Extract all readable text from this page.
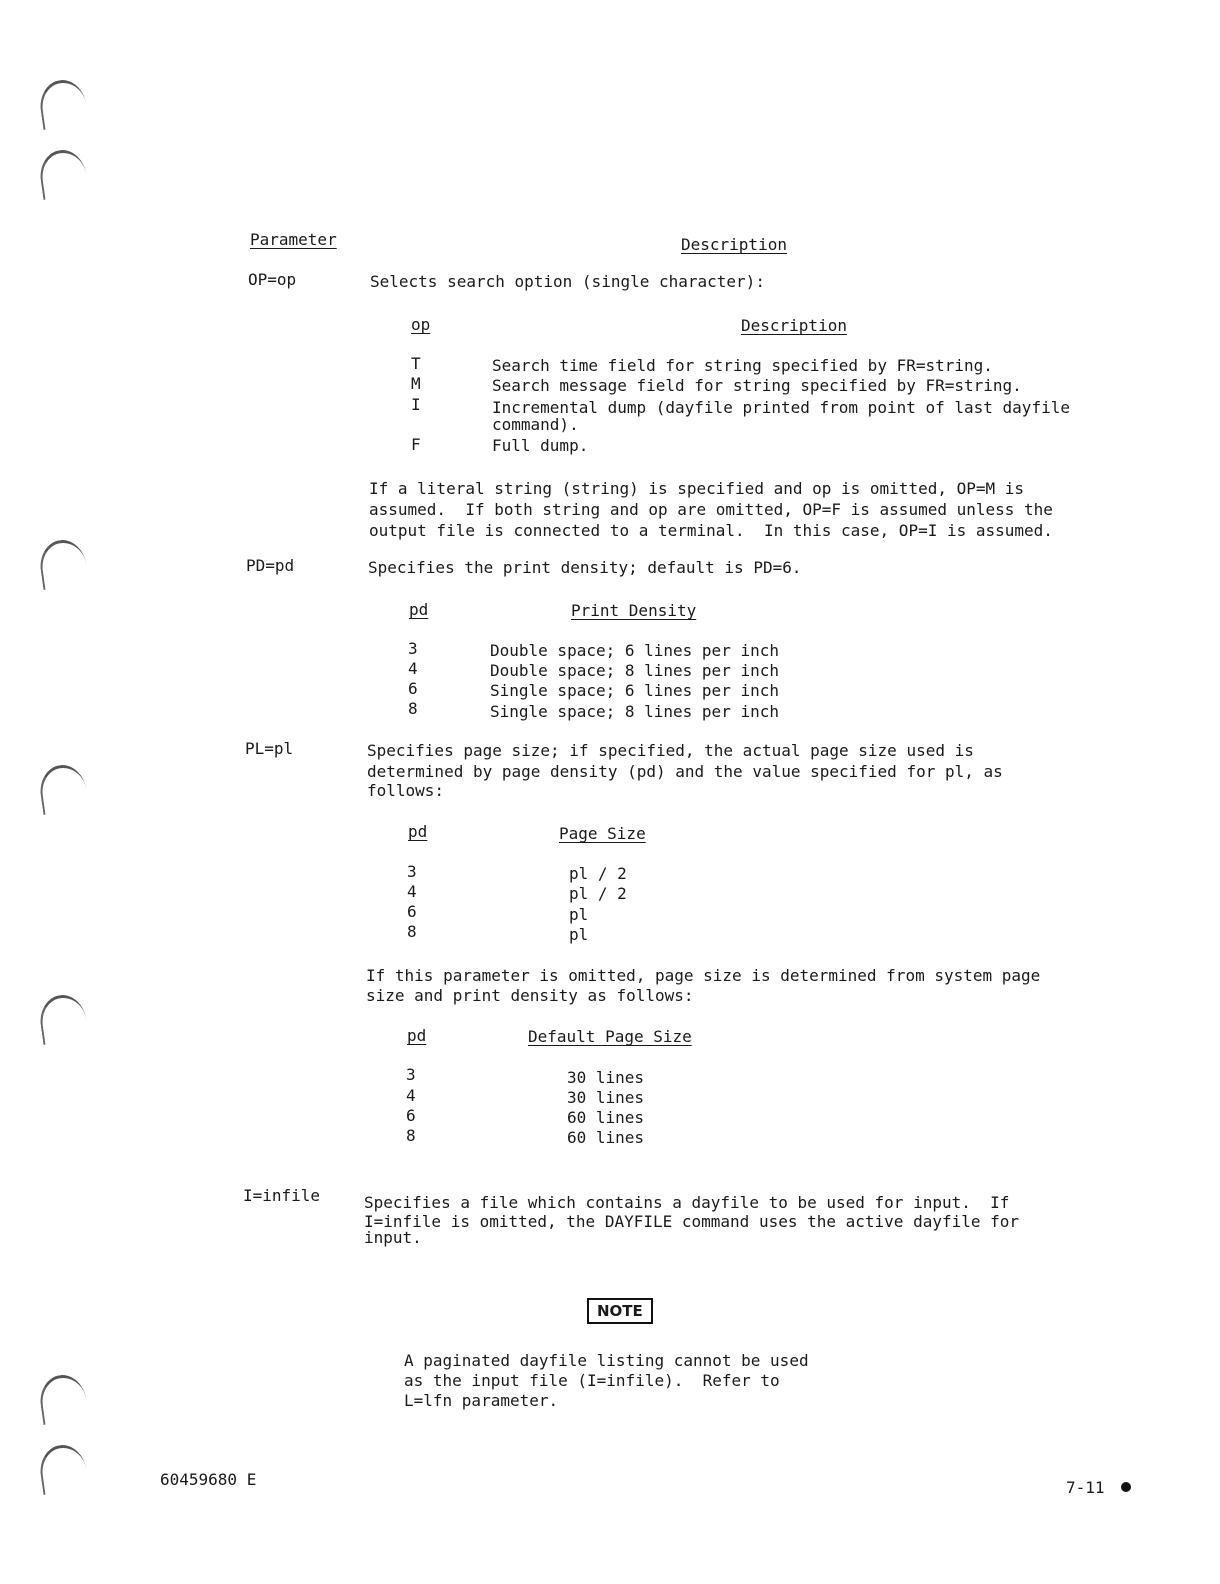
Parameter	Description
OP=op	Selects search option (single character):
op	Description
T	Search time field for string specified by FR=string.
M	Search message field for string specified by FR=string.
I	Incremental dump (dayfile printed from point of last dayfile
command).
F	Full dump.
If a literal string (string) is specified and op is omitted, OP=M is
assumed.  If both string and op are omitted, OP=F is assumed unless the
output file is connected to a terminal.  In this case, OP=I is assumed.
PD=pd	Specifies the print density; default is PD=6.
pd	Print Density
3	Double space; 6 lines per inch
4	Double space; 8 lines per inch
6	Single space; 6 lines per inch
8	Single space; 8 lines per inch
PL=pl	Specifies page size; if specified, the actual page size used is
determined by page density (pd) and the value specified for pl, as
follows:
pd	Page Size
3	pl / 2
4	pl / 2
6	pl
8	pl
If this parameter is omitted, page size is determined from system page
size and print density as follows:
pd	Default Page Size
3	30 lines
4	30 lines
6	60 lines
8	60 lines
I=infile	Specifies a file which contains a dayfile to be used for input.  If
I=infile is omitted, the DAYFILE command uses the active dayfile for
input.
NOTE
A paginated dayfile listing cannot be used
as the input file (I=infile).  Refer to
L=lfn parameter.
60459680 E	7-11
